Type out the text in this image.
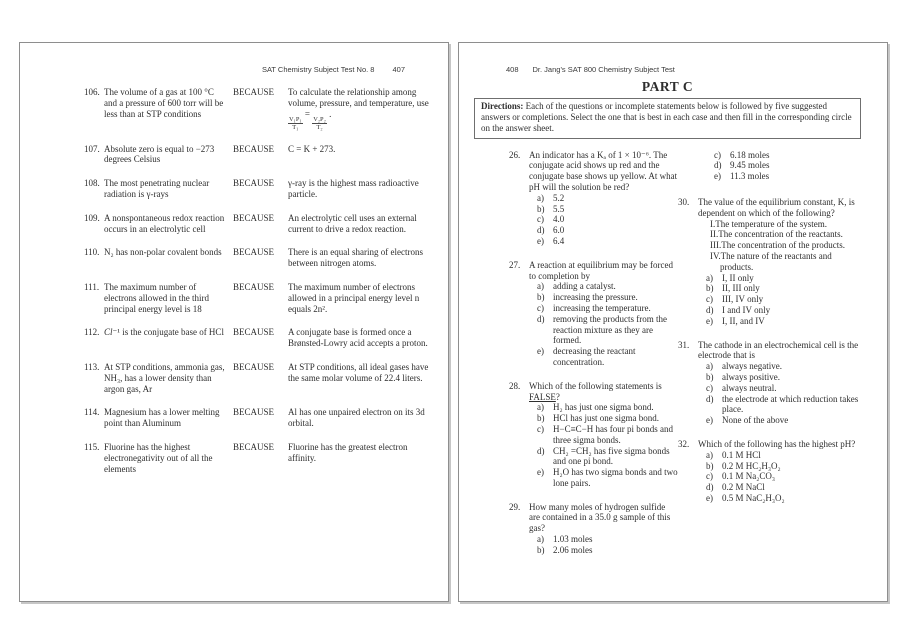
SAT Chemistry Subject Test No. 8 407
106. The volume of a gas at 100 °C and a pressure of 600 torr will be less than at STP conditions
BECAUSE	To calculate the relationship among volume, pressure, and temperature, use
$\frac{\text{V₁P₁}}{\text{T₁}}$
=
$\frac{\text{V₂P₂}}{\text{T₂}}$
.
107. Absolute zero is equal to −273 degrees Celsius
BECAUSE	C = K + 273.
108. The most penetrating nuclear radiation is γ-rays
BECAUSE	γ-ray is the highest mass radioactive particle.
109. A nonspontaneous redox reaction occurs in an electrolytic cell
BECAUSE	An electrolytic cell uses an external current to drive a redox reaction.
110. N₂ has non-polar covalent bonds	BECAUSE	There is an equal sharing of electrons between nitrogen atoms.
111. The maximum number of electrons allowed in the third principal energy level is 18
BECAUSE	The maximum number of electrons allowed in a principal energy level n equals 2n².
112. Cl⁻¹ is the conjugate base of HCl	BECAUSE	A conjugate base is formed once a Brønsted-Lowry acid accepts a proton.
113. At STP conditions, ammonia gas, NH₃, has a lower density than argon gas, Ar
BECAUSE	At STP conditions, all ideal gases have the same molar volume of 22.4 liters.
114. Magnesium has a lower melting point than Aluminum
BECAUSE	Al has one unpaired electron on its 3d orbital.
115. Fluorine has the highest electronegativity out of all the elements
BECAUSE	Fluorine has the greatest electron affinity.
408 Dr. Jang's SAT 800 Chemistry Subject Test
PART C
Directions: Each of the questions or incomplete statements below is followed by five suggested answers or completions. Select the one that is best in each case and then fill in the corresponding circle on the answer sheet.
26. An indicator has a Kₐ of 1 × 10⁻⁶. The conjugate acid shows up red and the conjugate base shows up yellow. At what pH will the solution be red?
a)	5.2
b) 5.5
c)	4.0
d) 6.0
e)	6.4
27. A reaction at equilibrium may be forced to completion by
a)	adding a catalyst.
b) increasing the pressure.
c)	increasing the temperature.
d) removing the products from the reaction mixture as they are formed.
e)	decreasing the reactant concentration.
28. Which of the following statements is FALSE?
a)	H₂ has just one sigma bond.
b) HCl has just one sigma bond.
c)	H−C≡C−H has four pi bonds and three sigma bonds.
d) CH₂ =CH₂ has five sigma bonds and one pi bond.
e)	H₂O has two sigma bonds and two lone pairs.
29. How many moles of hydrogen sulfide are contained in a 35.0 g sample of this gas?
a)	1.03 moles
b) 2.06 moles
c)	6.18 moles
d) 9.45 moles
e)	11.3 moles
30. The value of the equilibrium constant, K, is dependent on which of the following?
I.The temperature of the system.
II.The concentration of the reactants.
III.The concentration of the products.
IV.The nature of the reactants and products.
a)	I, II only
b) II, III only
c)	III, IV only
d) I and IV only
e)	I, II, and IV
31. The cathode in an electrochemical cell is the electrode that is
a)	always negative.
b) always positive.
c)	always neutral.
d) the electrode at which reduction takes place.
e)	None of the above
32. Which of the following has the highest pH?
a)	0.1 M HCl
b) 0.2 M HC₂H₃O₂
c)	0.1 M Na₂CO₃
d) 0.2 M NaCl
e)	0.5 M NaC₂H₃O₂
